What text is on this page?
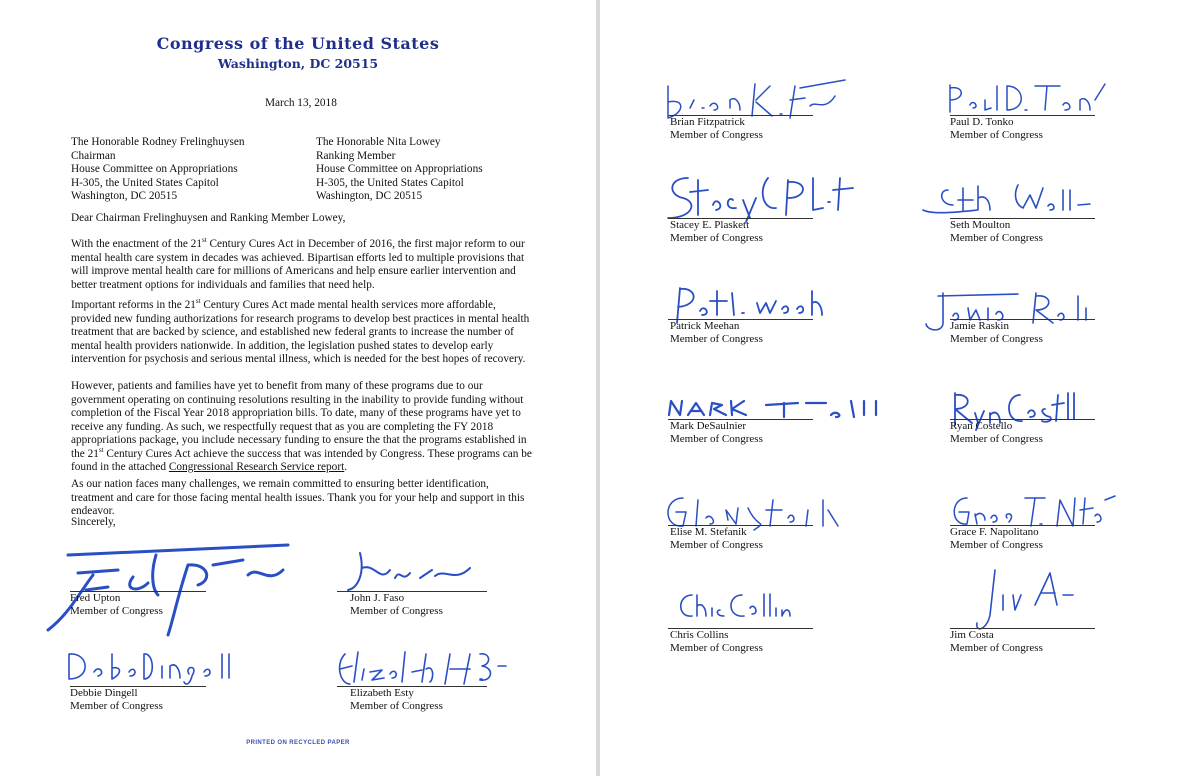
Congress of the United States
Washington, DC 20515
March 13, 2018
The Honorable Rodney Frelinghuysen
Chairman
House Committee on Appropriations
H-305, the United States Capitol
Washington, DC 20515
The Honorable Nita Lowey
Ranking Member
House Committee on Appropriations
H-305, the United States Capitol
Washington, DC 20515
Dear Chairman Frelinghuysen and Ranking Member Lowey,
With the enactment of the 21st Century Cures Act in December of 2016, the first major reform to our mental health care system in decades was achieved. Bipartisan efforts led to multiple provisions that will improve mental health care for millions of Americans and help ensure earlier intervention and better treatment options for individuals and families that need help.
Important reforms in the 21st Century Cures Act made mental health services more affordable, provided new funding authorizations for research programs to develop best practices in mental health treatment that are backed by science, and established new federal grants to increase the number of mental health providers nationwide. In addition, the legislation pushed states to develop early intervention for psychosis and serious mental illness, which is needed for the best hopes of recovery.
However, patients and families have yet to benefit from many of these programs due to our government operating on continuing resolutions resulting in the inability to provide funding without completion of the Fiscal Year 2018 appropriation bills. To date, many of these programs have yet to receive any funding. As such, we respectfully request that as you are completing the FY 2018 appropriations package, you include necessary funding to ensure the that the programs established in the 21st Century Cures Act achieve the success that was intended by Congress. These programs can be found in the attached Congressional Research Service report.
As our nation faces many challenges, we remain committed to ensuring better identification, treatment and care for those facing mental health issues. Thank you for your help and support in this endeavor.
Sincerely,
Fred Upton
Member of Congress
John J. Faso
Member of Congress
Debbie Dingell
Member of Congress
Elizabeth Esty
Member of Congress
PRINTED ON RECYCLED PAPER
Brian Fitzpatrick
Member of Congress
Paul D. Tonko
Member of Congress
Stacey E. Plaskett
Member of Congress
Seth Moulton
Member of Congress
Patrick Meehan
Member of Congress
Jamie Raskin
Member of Congress
Mark DeSaulnier
Member of Congress
Ryan Costello
Member of Congress
Elise M. Stefanik
Member of Congress
Grace F. Napolitano
Member of Congress
Chris Collins
Member of Congress
Jim Costa
Member of Congress
